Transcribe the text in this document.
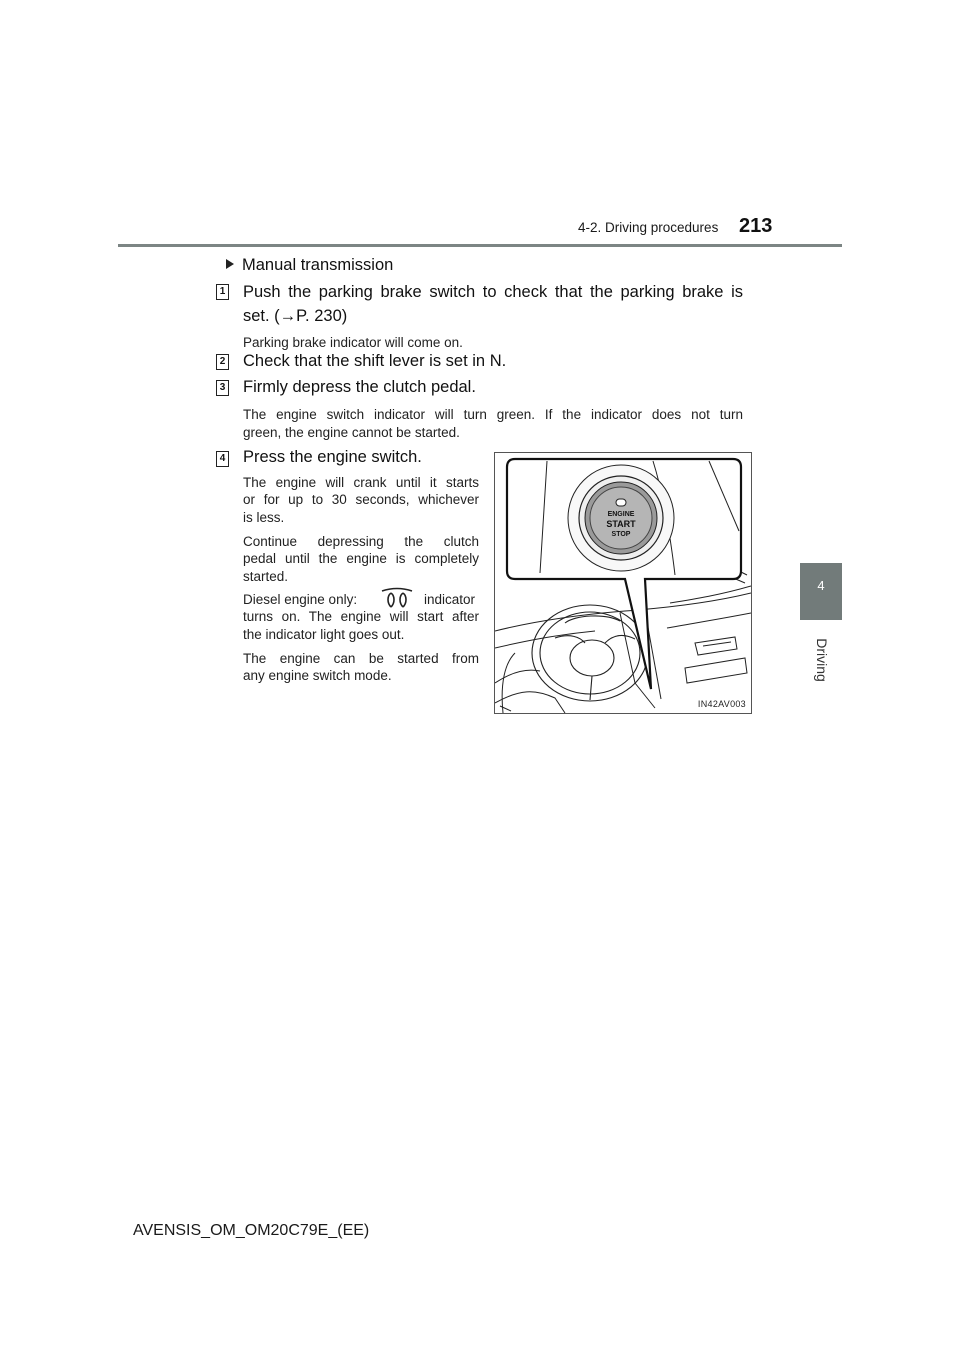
4-2. Driving procedures 213
4
Driving
Manual transmission
1 Push the parking brake switch to check that the parking brake is
set. (→P. 230)
Parking brake indicator will come on.
2 Check that the shift lever is set in N.
3 Firmly depress the clutch pedal.
The engine switch indicator will turn green. If the indicator does not turn
green, the engine cannot be started.
4 Press the engine switch.
The engine will crank until it starts
or for up to 30 seconds, whichever
is less.
Continue depressing the clutch
pedal until the engine is completely
started.
Diesel engine only:	indicator
turns on. The engine will start after
the indicator light goes out.
The engine can be started from
any engine switch mode.
ENGINE
START
STOP
IN42AV003
AVENSIS_OM_OM20C79E_(EE)
